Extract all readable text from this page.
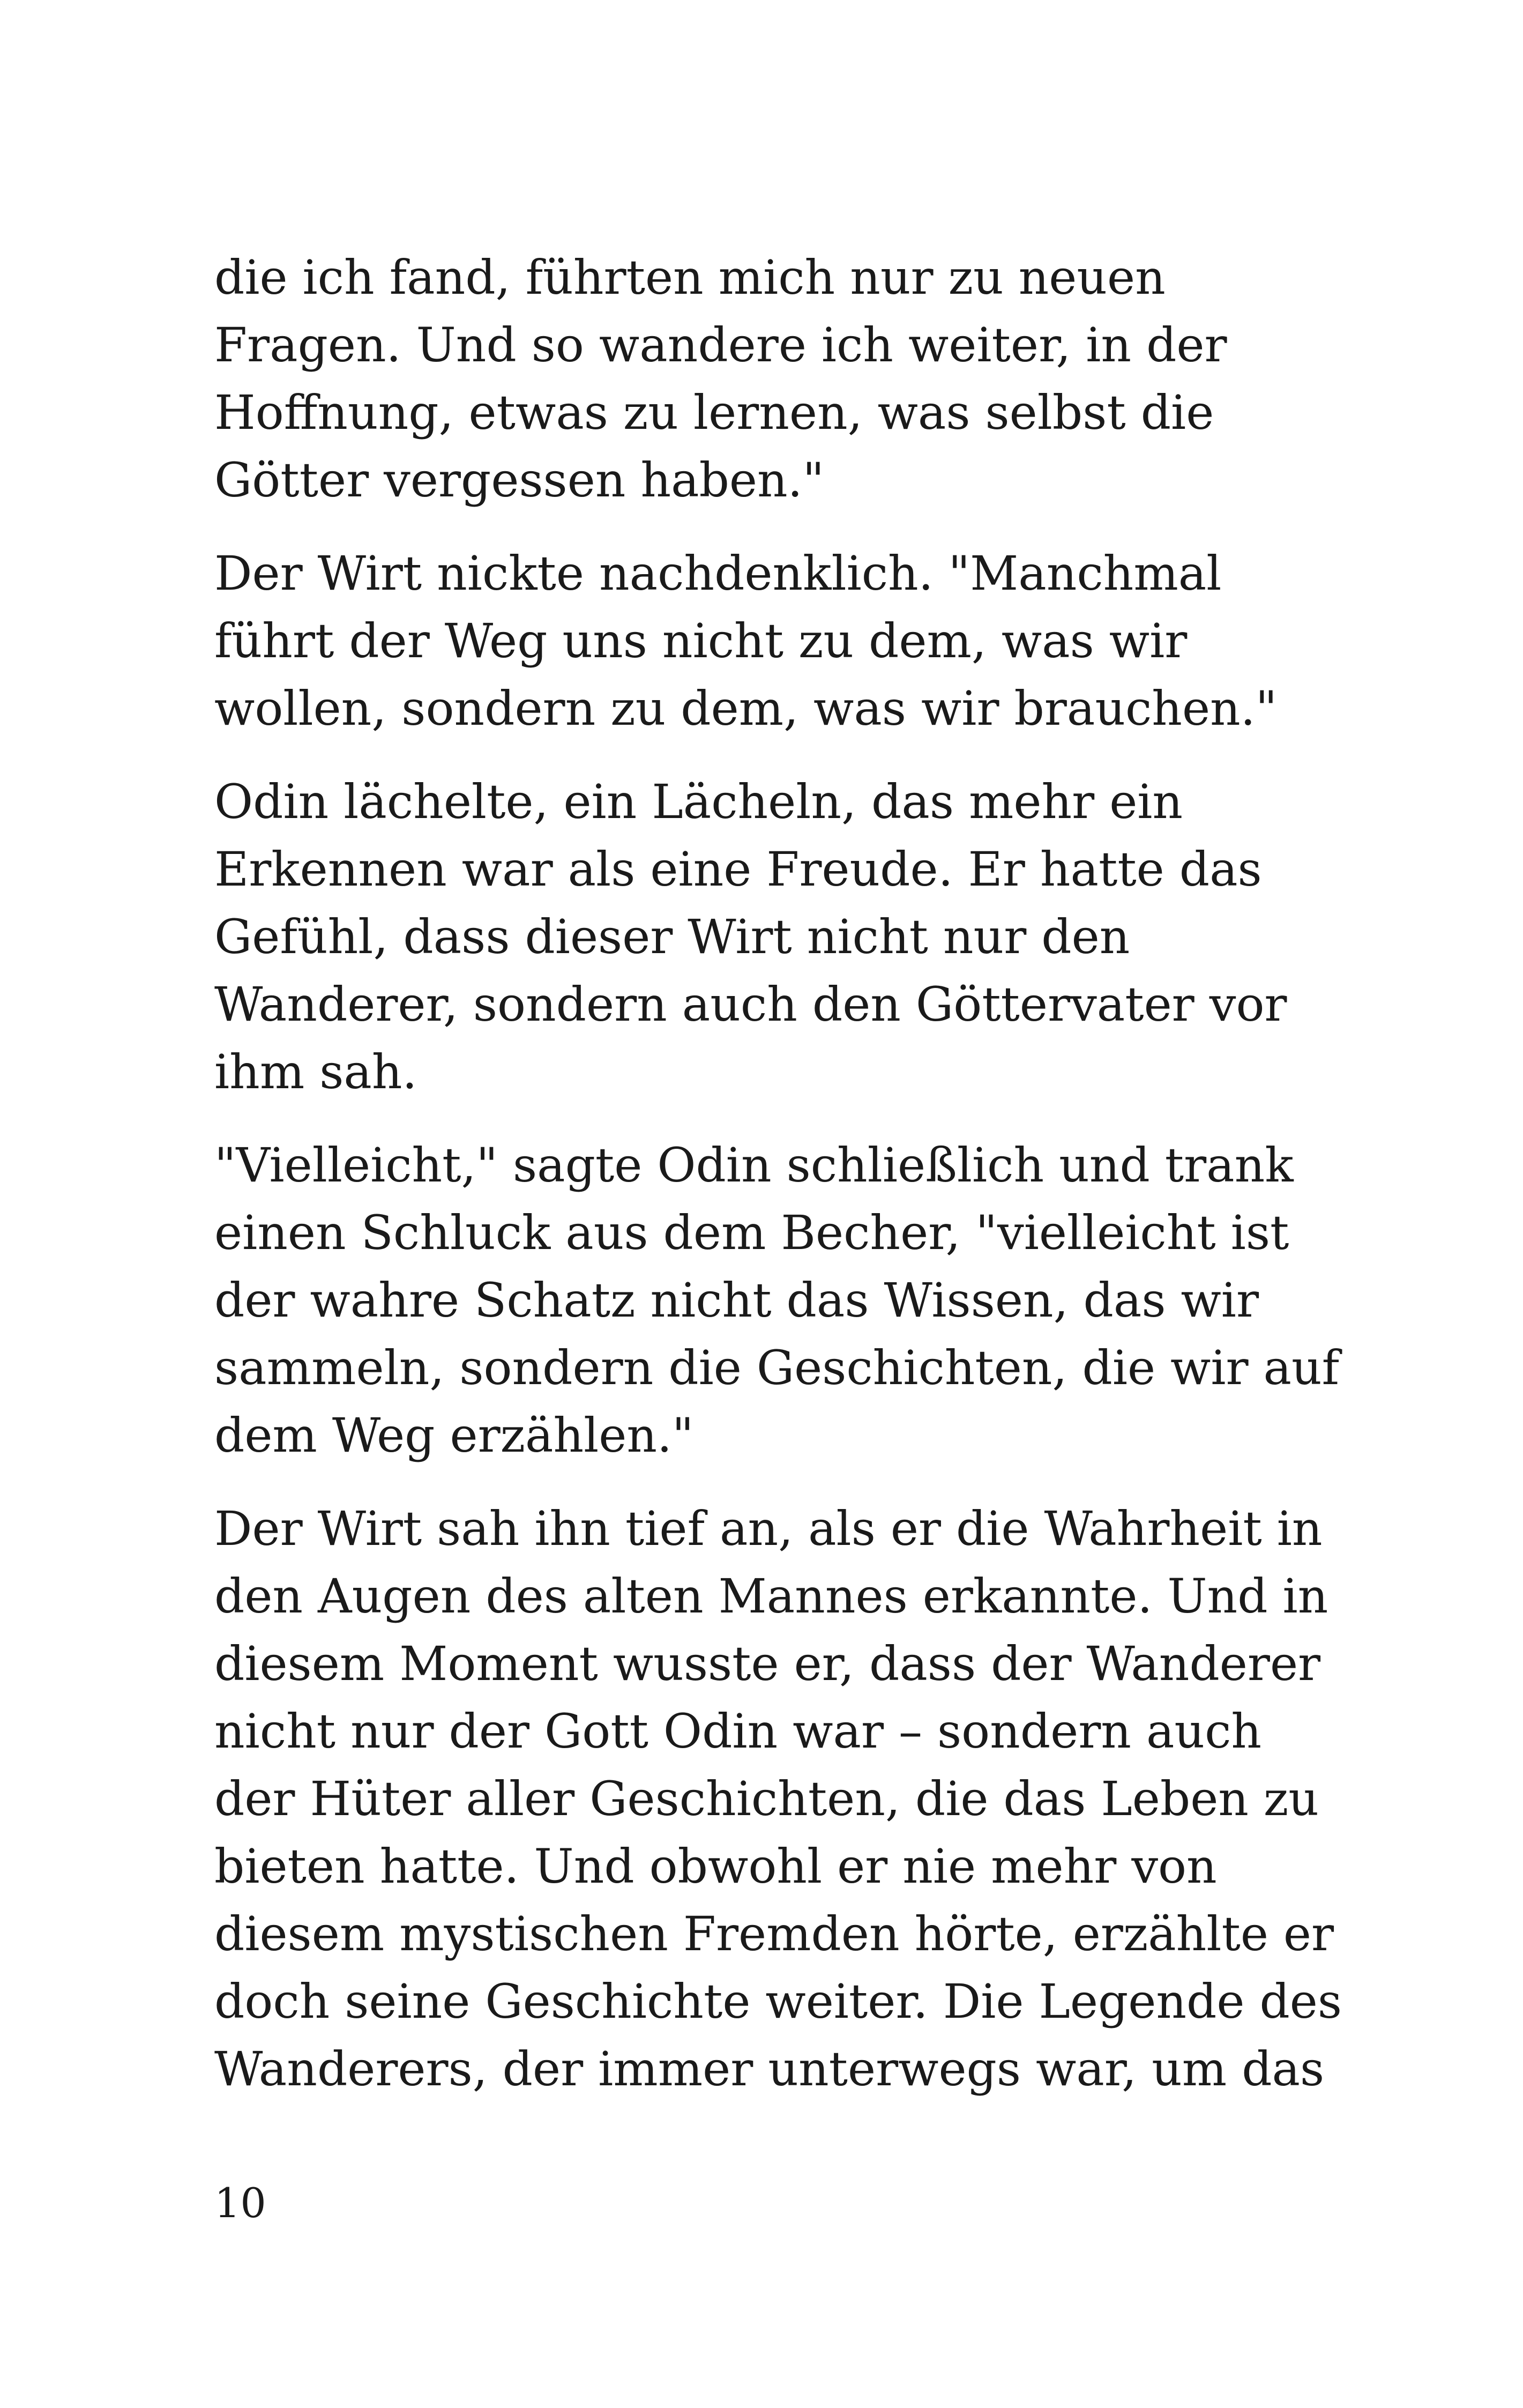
die ich fand, führten mich nur zu neuen
Fragen. Und so wandere ich weiter, in der
Hoffnung, etwas zu lernen, was selbst die
Götter vergessen haben."

Der Wirt nickte nachdenklich. "Manchmal
führt der Weg uns nicht zu dem, was wir
wollen, sondern zu dem, was wir brauchen."

Odin lächelte, ein Lächeln, das mehr ein
Erkennen war als eine Freude. Er hatte das
Gefühl, dass dieser Wirt nicht nur den
Wanderer, sondern auch den Göttervater vor
ihm sah.

"Vielleicht," sagte Odin schließlich und trank
einen Schluck aus dem Becher, "vielleicht ist
der wahre Schatz nicht das Wissen, das wir
sammeln, sondern die Geschichten, die wir auf
dem Weg erzählen."

Der Wirt sah ihn tief an, als er die Wahrheit in
den Augen des alten Mannes erkannte. Und in
diesem Moment wusste er, dass der Wanderer
nicht nur der Gott Odin war – sondern auch
der Hüter aller Geschichten, die das Leben zu
bieten hatte. Und obwohl er nie mehr von
diesem mystischen Fremden hörte, erzählte er
doch seine Geschichte weiter. Die Legende des
Wanderers, der immer unterwegs war, um das

10
